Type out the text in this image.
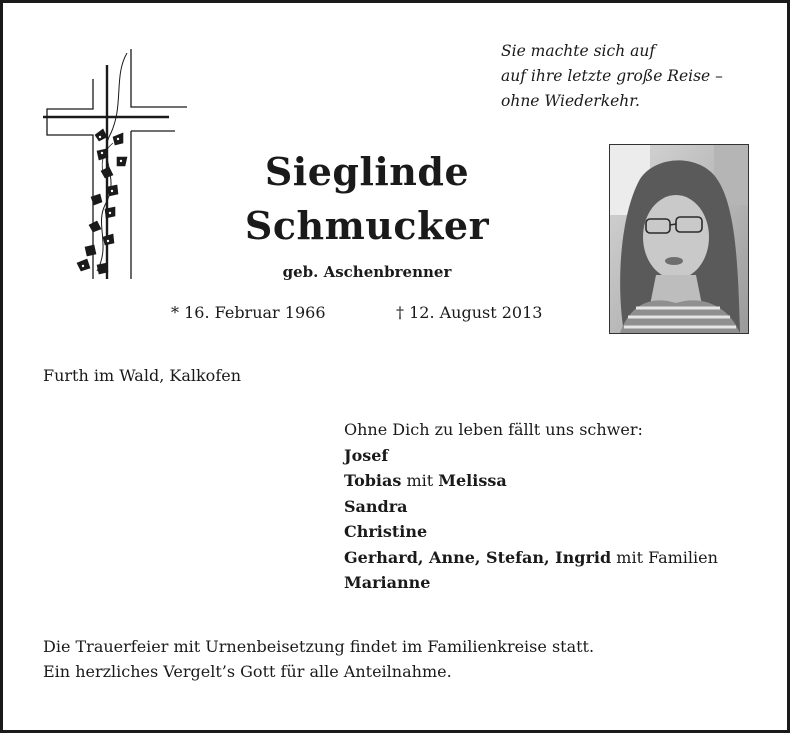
Sie machte sich auf
auf ihre letzte große Reise –
ohne Wiederkehr.
Sieglinde
Schmucker
geb. Aschenbrenner
* 16. Februar 1966	† 12. August 2013
Furth im Wald, Kalkofen
Ohne Dich zu leben fällt uns schwer:
Josef
Tobias mit Melissa
Sandra
Christine
Gerhard, Anne, Stefan, Ingrid mit Familien
Marianne
Die Trauerfeier mit Urnenbeisetzung findet im Familienkreise statt.
Ein herzliches Vergelt’s Gott für alle Anteilnahme.
